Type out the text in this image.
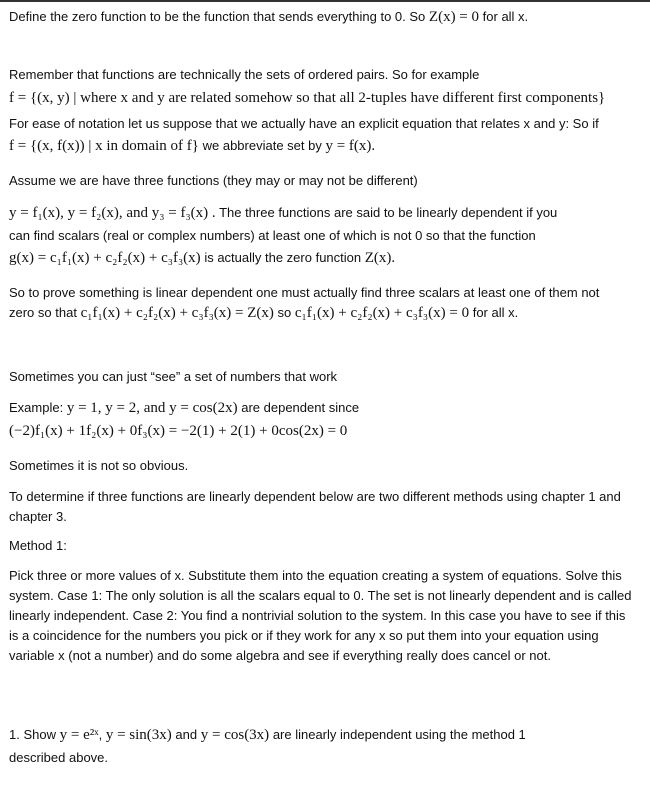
Define the zero function to be the function that sends everything to 0. So Z(x) = 0 for all x.
Remember that functions are technically the sets of ordered pairs. So for example
f = {(x, y) | where x and y are related somehow so that all 2-tuples have different first components}
For ease of notation let us suppose that we actually have an explicit equation that relates x and y: So if
f = {(x, f(x)) | x in domain of f} we abbreviate set by y = f(x).
Assume we are have three functions (they may or may not be different)
y = f₁(x), y = f₂(x), and y₃ = f₃(x) . The three functions are said to be linearly dependent if you
can find scalars (real or complex numbers) at least one of which is not 0 so that the function
g(x) = c₁f₁(x) + c₂f₂(x) + c₃f₃(x) is actually the zero function Z(x).
So to prove something is linear dependent one must actually find three scalars at least one of them not
zero so that c₁f₁(x) + c₂f₂(x) + c₃f₃(x) = Z(x) so c₁f₁(x) + c₂f₂(x) + c₃f₃(x) = 0 for all x.
Sometimes you can just “see” a set of numbers that work
Example: y = 1, y = 2, and y = cos(2x) are dependent since
(−2)f₁(x) + 1f₂(x) + 0f₃(x) = −2(1) + 2(1) + 0cos(2x) = 0
Sometimes it is not so obvious.
To determine if three functions are linearly dependent below are two different methods using chapter 1 and chapter 3.
Method 1:
Pick three or more values of x. Substitute them into the equation creating a system of equations. Solve this system. Case 1: The only solution is all the scalars equal to 0. The set is not linearly dependent and is called linearly independent. Case 2: You find a nontrivial solution to the system. In this case you have to see if this is a coincidence for the numbers you pick or if they work for any x so put them into your equation using variable x (not a number) and do some algebra and see if everything really does cancel or not.
1. Show y = e²ˣ, y = sin(3x) and y = cos(3x) are linearly independent using the method 1
described above.
